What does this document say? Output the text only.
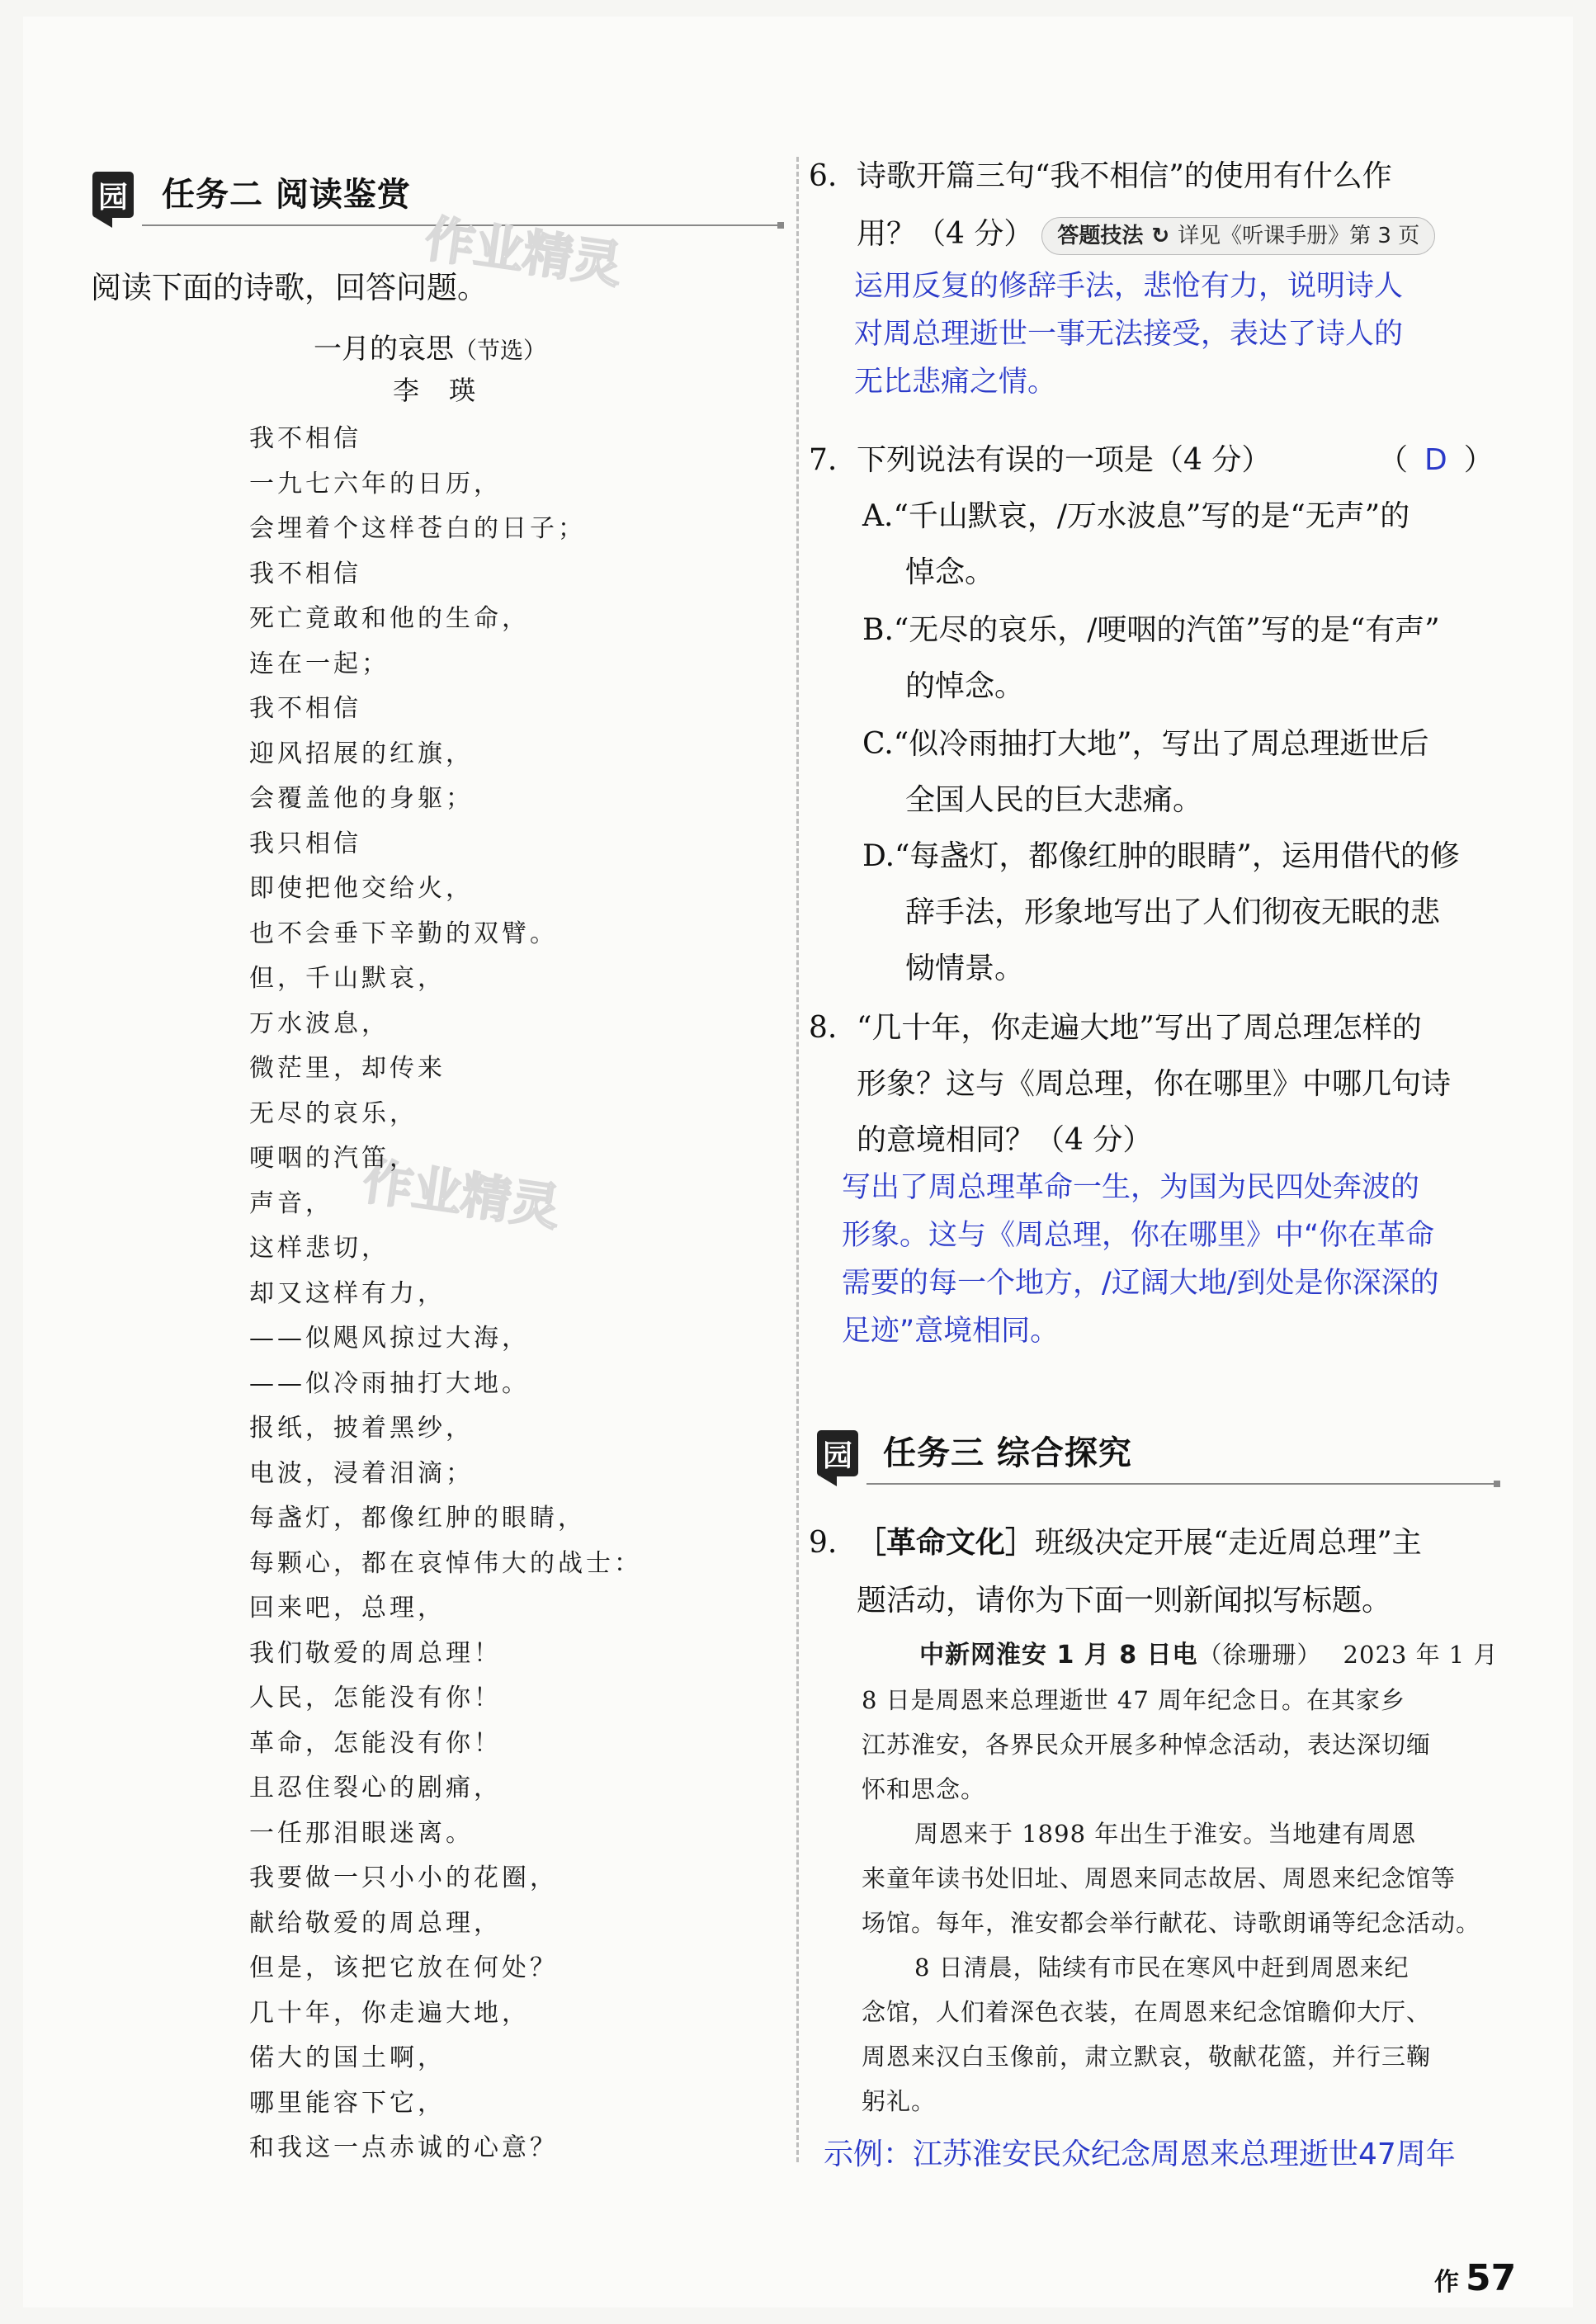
园 任务二 阅读鉴赏
作业精灵
作业精灵
阅读下面的诗歌，回答问题。
一月的哀思（节选）
李瑛
我不相信
一九七六年的日历，
会埋着个这样苍白的日子；
我不相信
死亡竟敢和他的生命，
连在一起；
我不相信
迎风招展的红旗，
会覆盖他的身躯；
我只相信
即使把他交给火，
也不会垂下辛勤的双臂。
但，千山默哀，
万水波息，
微茫里，却传来
无尽的哀乐，
哽咽的汽笛，
声音，
这样悲切，
却又这样有力，
——似飓风掠过大海，
——似冷雨抽打大地。
报纸，披着黑纱，
电波，浸着泪滴；
每盏灯，都像红肿的眼睛，
每颗心，都在哀悼伟大的战士：
回来吧，总理，
我们敬爱的周总理！
人民，怎能没有你！
革命，怎能没有你！
且忍住裂心的剧痛，
一任那泪眼迷离。
我要做一只小小的花圈，
献给敬爱的周总理，
但是，该把它放在何处？
几十年，你走遍大地，
偌大的国土啊，
哪里能容下它，
和我这一点赤诚的心意？
6. 诗歌开篇三句“我不相信”的使用有什么作
用？（4 分） 答题技法 ↻ 详见《听课手册》第 3 页
运用反复的修辞手法，悲怆有力，说明诗人
对周总理逝世一事无法接受，表达了诗人的
无比悲痛之情。
7. 下列说法有误的一项是（4 分）	（ D ）
A.“千山默哀，/万水波息”写的是“无声”的
悼念。
B.“无尽的哀乐，/哽咽的汽笛”写的是“有声”
的悼念。
C.“似冷雨抽打大地”，写出了周总理逝世后
全国人民的巨大悲痛。
D.“每盏灯，都像红肿的眼睛”，运用借代的修
辞手法，形象地写出了人们彻夜无眠的悲
恸情景。
8. “几十年，你走遍大地”写出了周总理怎样的
形象？这与《周总理，你在哪里》中哪几句诗
的意境相同？（4 分）
写出了周总理革命一生，为国为民四处奔波的
形象。这与《周总理，你在哪里》中“你在革命
需要的每一个地方，/辽阔大地/到处是你深深的
足迹”意境相同。
园 任务三 综合探究
9. ［革命文化］班级决定开展“走近周总理”主
题活动，请你为下面一则新闻拟写标题。
中新网淮安 1 月 8 日电（徐珊珊） 2023 年 1 月
8 日是周恩来总理逝世 47 周年纪念日。在其家乡
江苏淮安，各界民众开展多种悼念活动，表达深切缅
怀和思念。
周恩来于 1898 年出生于淮安。当地建有周恩
来童年读书处旧址、周恩来同志故居、周恩来纪念馆等
场馆。每年，淮安都会举行献花、诗歌朗诵等纪念活动。
8 日清晨，陆续有市民在寒风中赶到周恩来纪
念馆，人们着深色衣装，在周恩来纪念馆瞻仰大厅、
周恩来汉白玉像前，肃立默哀，敬献花篮，并行三鞠
躬礼。
示例：江苏淮安民众纪念周恩来总理逝世47周年
作 57
